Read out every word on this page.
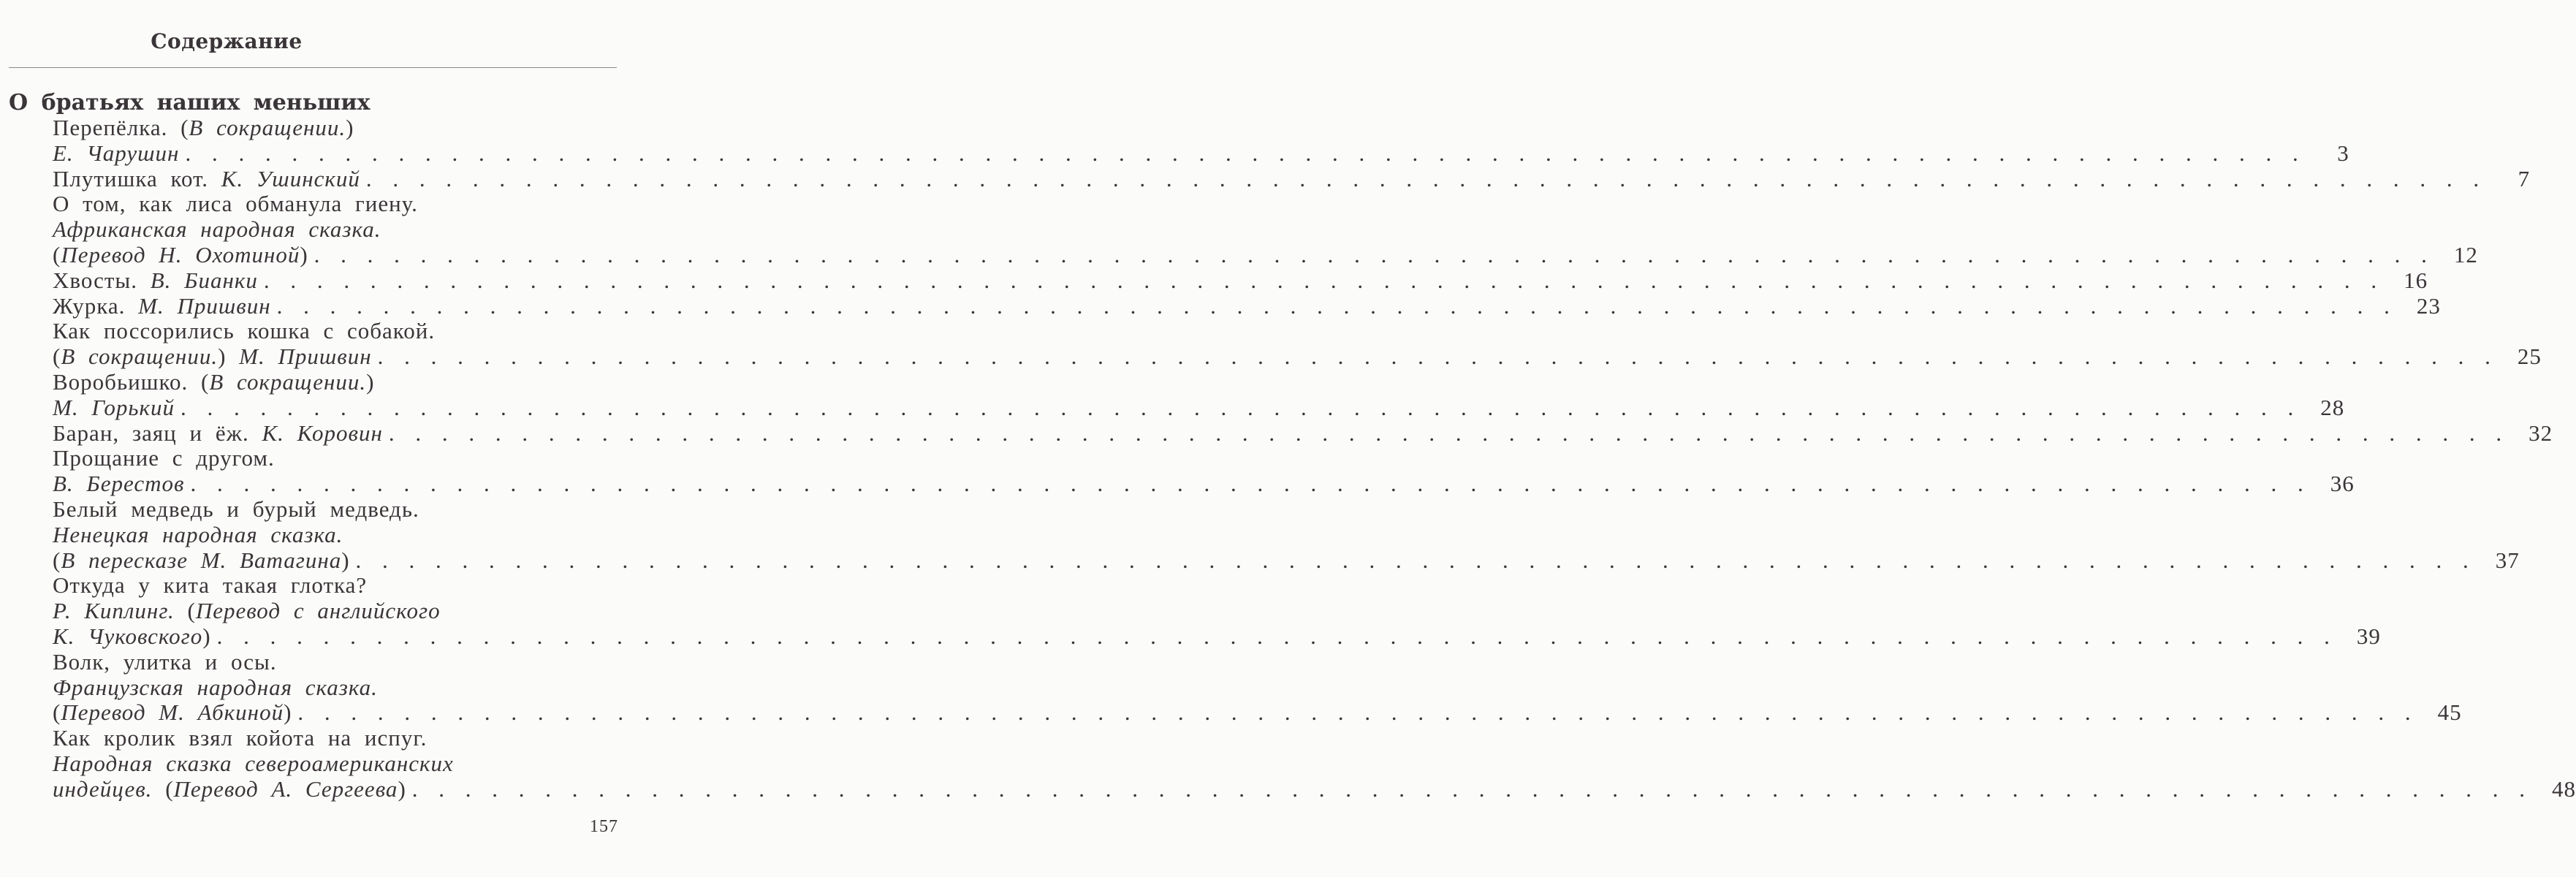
Содержание
О братьях наших меньших
Перепёлка. (В сокращении.)
Е. Чарушин . . . . . . . . . . . . . . . . . . . . . . . . . . . . . . . . . . . . . . . . . . . . . . . . . . . . . . . . . . . . . . . . . . . . . . . . . . . . . . . .	3
Плутишка кот. К. Ушинский . . . . . . . . . . . . . . . . . . . . . . . . . . . . . . . . . . . . . . . . . . . . . . . . . . . . . . . . . . . . . . . . . . . . . . . . . . . . . . . .	7
О том, как лиса обманула гиену.
Африканская народная сказка.
(Перевод Н. Охотиной) . . . . . . . . . . . . . . . . . . . . . . . . . . . . . . . . . . . . . . . . . . . . . . . . . . . . . . . . . . . . . . . . . . . . . . . . . . . . . . . .	12
Хвосты. В. Бианки . . . . . . . . . . . . . . . . . . . . . . . . . . . . . . . . . . . . . . . . . . . . . . . . . . . . . . . . . . . . . . . . . . . . . . . . . . . . . . . .	16
Журка. М. Пришвин . . . . . . . . . . . . . . . . . . . . . . . . . . . . . . . . . . . . . . . . . . . . . . . . . . . . . . . . . . . . . . . . . . . . . . . . . . . . . . . .	23
Как поссорились кошка с собакой.
(В сокращении.) М. Пришвин . . . . . . . . . . . . . . . . . . . . . . . . . . . . . . . . . . . . . . . . . . . . . . . . . . . . . . . . . . . . . . . . . . . . . . . . . . . . . . . .	25
Воробьишко. (В сокращении.)
М. Горький . . . . . . . . . . . . . . . . . . . . . . . . . . . . . . . . . . . . . . . . . . . . . . . . . . . . . . . . . . . . . . . . . . . . . . . . . . . . . . . .	28
Баран, заяц и ёж. К. Коровин . . . . . . . . . . . . . . . . . . . . . . . . . . . . . . . . . . . . . . . . . . . . . . . . . . . . . . . . . . . . . . . . . . . . . . . . . . . . . . . .	32
Прощание с другом.
В. Берестов . . . . . . . . . . . . . . . . . . . . . . . . . . . . . . . . . . . . . . . . . . . . . . . . . . . . . . . . . . . . . . . . . . . . . . . . . . . . . . . .	36
Белый медведь и бурый медведь.
Ненецкая народная сказка.
(В пересказе М. Ватагина) . . . . . . . . . . . . . . . . . . . . . . . . . . . . . . . . . . . . . . . . . . . . . . . . . . . . . . . . . . . . . . . . . . . . . . . . . . . . . . . .	37
Откуда у кита такая глотка?
Р. Киплинг. (Перевод с английского
К. Чуковского) . . . . . . . . . . . . . . . . . . . . . . . . . . . . . . . . . . . . . . . . . . . . . . . . . . . . . . . . . . . . . . . . . . . . . . . . . . . . . . . .	39
Волк, улитка и осы.
Французская народная сказка.
(Перевод М. Абкиной) . . . . . . . . . . . . . . . . . . . . . . . . . . . . . . . . . . . . . . . . . . . . . . . . . . . . . . . . . . . . . . . . . . . . . . . . . . . . . . . .	45
Как кролик взял койота на испуг.
Народная сказка североамериканских
индейцев. (Перевод А. Сергеева) . . . . . . . . . . . . . . . . . . . . . . . . . . . . . . . . . . . . . . . . . . . . . . . . . . . . . . . . . . . . . . . . . . . . . . . . . . . . . . . .	48
157
